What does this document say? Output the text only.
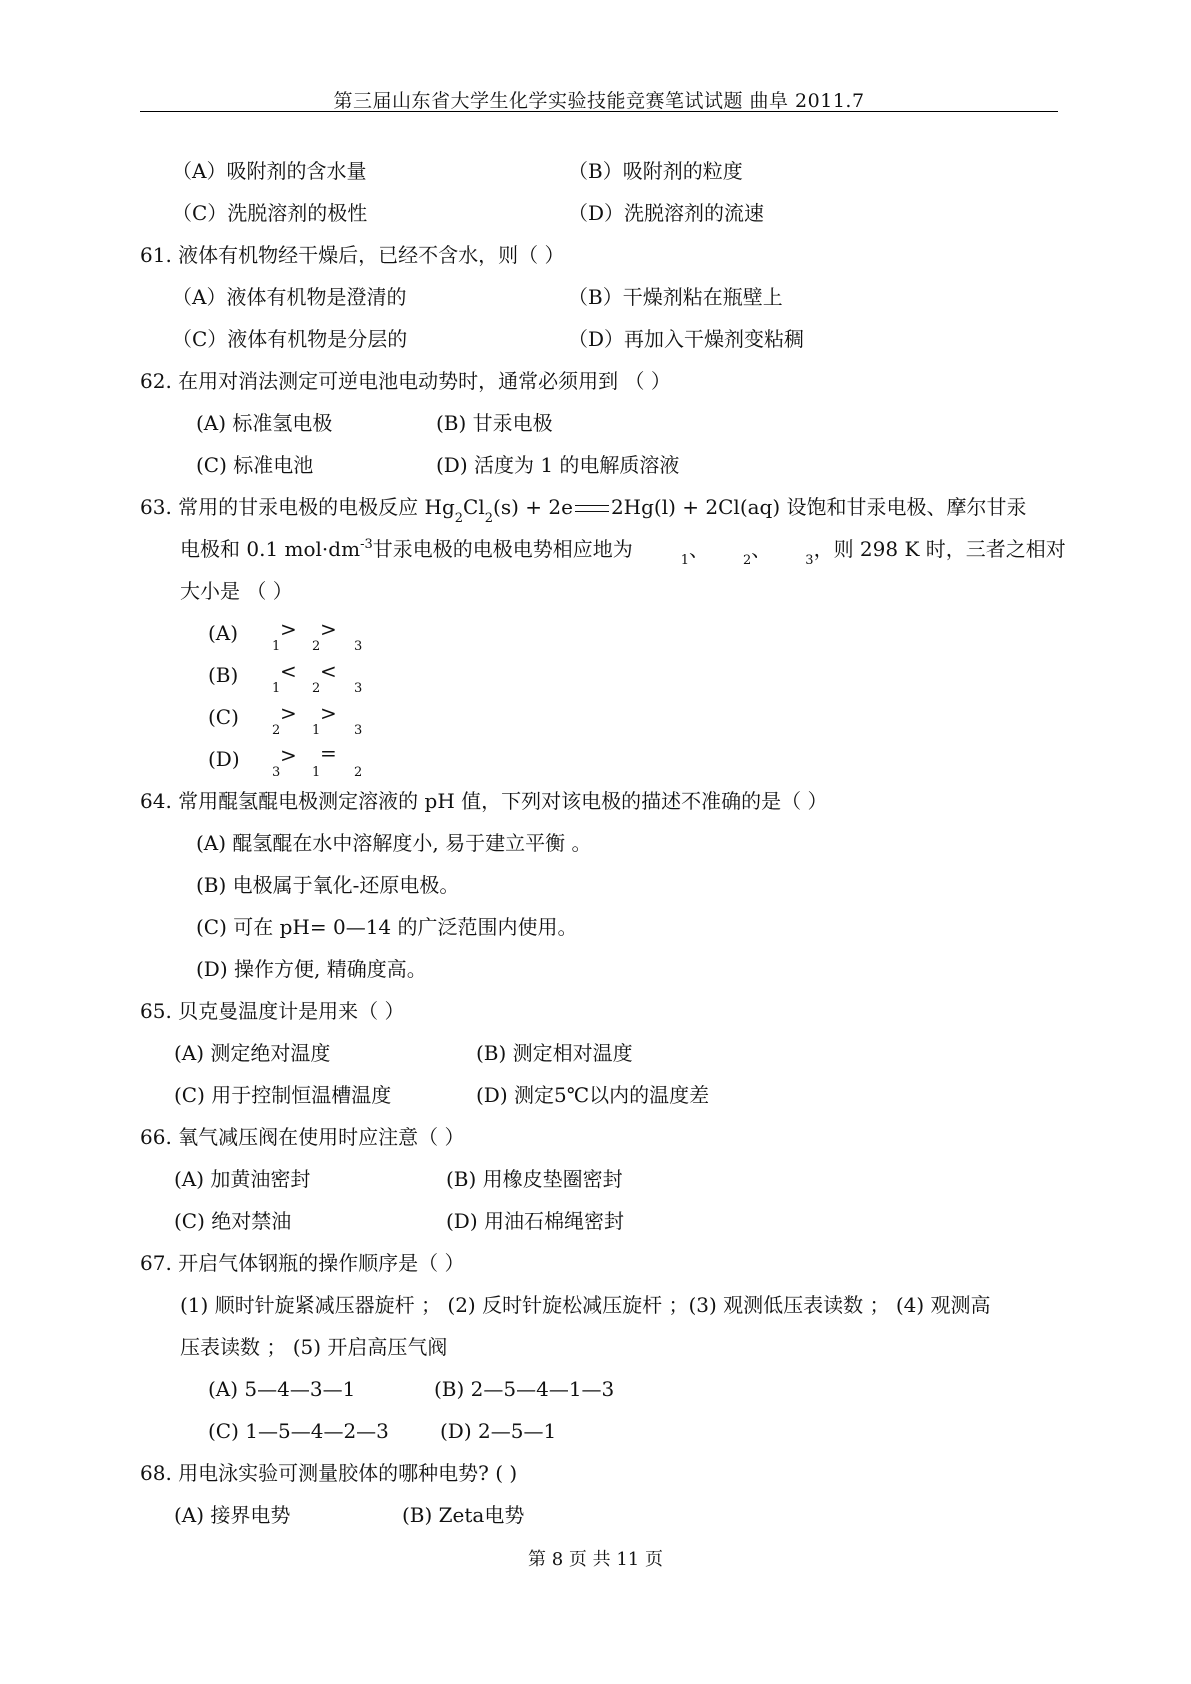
第三届山东省大学生化学实验技能竞赛笔试试题 曲阜 2011.7
（A）吸附剂的含水量	（B）吸附剂的粒度
（C）洗脱溶剂的极性	（D）洗脱溶剂的流速
61. 液体有机物经干燥后，已经不含水，则（ ）
（A）液体有机物是澄清的	（B）干燥剂粘在瓶壁上
（C）液体有机物是分层的	（D）再加入干燥剂变粘稠
62. 在用对消法测定可逆电池电动势时，通常必须用到 （ ）
(A) 标准氢电极	(B) 甘汞电极
(C) 标准电池	(D) 活度为 1 的电解质溶液
63. 常用的甘汞电极的电极反应 $Hg_2Cl_2(s) + 2e$ 2Hg(l) + 2Cl(aq) 设饱和甘汞电极、摩尔甘汞
电极和 0.1 $mol\cdot dm^{-3}$甘汞电极的电极电势相应地为	$_1$、	$_2$、	$_3$，则 298 K 时，三者之相对
大小是 （ ）
(A)
1
>
2
>
3
(B)
1
<
2
<
3
(C)
2
>
1
>
3
(D)
3
>
1
=
2
64. 常用醌氢醌电极测定溶液的 pH 值，下列对该电极的描述不准确的是（ ）
(A) 醌氢醌在水中溶解度小, 易于建立平衡 。
(B) 电极属于氧化-还原电极。
(C) 可在 pH= 0—14 的广泛范围内使用。
(D) 操作方便, 精确度高。
65. 贝克曼温度计是用来（ ）
(A) 测定绝对温度	(B) 测定相对温度
(C) 用于控制恒温槽温度	(D) 测定5℃以内的温度差
66. 氧气减压阀在使用时应注意（ ）
(A) 加黄油密封	(B) 用橡皮垫圈密封
(C) 绝对禁油	(D) 用油石棉绳密封
67. 开启气体钢瓶的操作顺序是（ ）
(1) 顺时针旋紧减压器旋杆 ； (2) 反时针旋松减压旋杆 ；(3) 观测低压表读数 ； (4) 观测高
压表读数 ； (5) 开启高压气阀
(A) 5—4—3—1	(B) 2—5—4—1—3
(C) 1—5—4—2—3	(D) 2—5—1
68. 用电泳实验可测量胶体的哪种电势? ( )
(A) 接界电势	(B) Zeta电势
第 8 页 共 11 页
